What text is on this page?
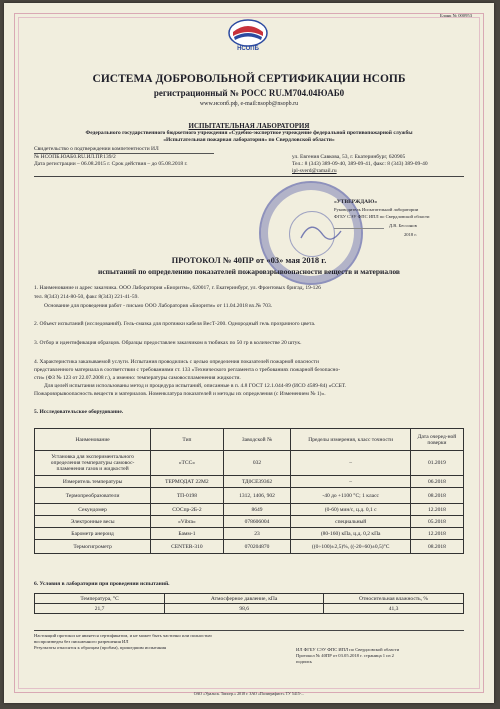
Бланк № 000953
НСОПБ
СИСТЕМА ДОБРОВОЛЬНОЙ СЕРТИФИКАЦИИ НСОПБ
регистрационный № РОСС RU.М704.04ЮАБ0
www.нсопб.рф, e-mail:nsopb@nsopb.ru
ИСПЫТАТЕЛЬНАЯ ЛАБОРАТОРИЯ
Федерального государственного бюджетного учреждения «Судебно-экспертное учреждение федеральной противопожарной службы
«Испытательная пожарная лаборатория» по Свердловской области»
Свидетельство о подтверждении компетентности ИЛ
№ НСОПБ.ЮАБ0.RU.ИЛ.ПР.139/2
Дата регистрации – 06.08.2015 г. Срок действия – до 05.08.2018 г.
ул. Евгения Савкова, 53, г. Екатеринбург, 620905
Тел.: 8 (343) 389-09-40, 389-09-41, факс: 8 (343) 389-09-40
ipl-sverd@ramail.ru
«УТВЕРЖДАЮ»
Руководитель Испытательной лаборатории
ФГБУ СЭУ ФПС ИПЛ по Свердловской области
Д.В. Бессонов
2018 г.
ПРОТОКОЛ № 40ПР от «03» мая 2018 г.
испытаний по определению показателей пожаровзрывоопасности веществ и материалов
1. Наименование и адрес заказчика. ООО Лаборатория «Биоритм», 620017, г. Екатеринбург, ул. Фронтовых бригад, 19-126
тел. 8(343) 214-80-50, факс 8(343) 221-41-59.
Основание для проведения работ - письмо ООО Лаборатория «Биоритм» от 11.04.2018 вх.№ 703.
2. Объект испытаний (исследований). Гель-смазка для протяжки кабеля ВесТ-200. Однородный гель прозрачного цвета.
3. Отбор и идентификация образцов. Образцы предоставлен заказчиком в тюбиках по 50 гр в количестве 20 штук.
4. Характеристика заказываемой услуги. Испытания проводились с целью определения показателей пожарной опасности
представленного материала в соответствии с требованиями ст. 133 «Технического регламента о требованиях пожарной безопасно-
сти» (ФЗ № 123 от 22.07.2008 г.), а именно: температуры самовоспламенения жидкости.
Для целей испытания использованы метод и процедура испытаний, описанные в п. 4.8 ГОСТ 12.1.044-89 (ИСО 4589-84) «ССБТ.
Пожаровзрывоопасность веществ и материалов. Номенклатура показателей и методы их определения (с Изменением № 1)».
5. Исследовательское оборудование.
Наименование	Тип	Заводской №	Пределы измерения, класс точности	Дата очеред-ной поверки
Установка для экспериментального определения температуры самовос-пламенения газов и жидкостей	«ТСС»	032	–	01.2019
Измеритель температуры	ТЕРМОДАТ 22М2	ТД0СЕ39362	–	06.2018
Термопреобразователи	ТП-0198	1312, 1406, 902	-40 до +1100 °С; 1 класс	08.2018
Секундомер	СОСпр-2Б-2	8649	(0-60) мин/с, ц.д. 0,1 с	12.2018
Электронные весы	«Vibra»	078606004	специальный	05.2018
Барометр анероид	Бамм-1	23	(80-160) кПа, ц.д. 0,2 кПа	12.2018
Термогигрометр	CENTER-310	070204870	((0÷100)±2,5)%, ((-20÷60)±0,5)°С	08.2018
6. Условия в лаборатории при проведении испытаний.
Температура, °С	Атмосферное давление, кПа	Относительная влажность, %
21,7	98,6	41,3
Настоящий протокол не является сертификатом, и не может быть частично или полностью
воспроизведен без письменного разрешения ИЛ
Результаты относятся к образцам (пробам), прошедшим испытания	ИЛ ФГБУ СЭУ ФПС ИПЛ по Свердловской области
Протокол № 40ПР от 03.05.2018 г. страница 1 из 2
подпись
ОАО «Уральск. Типогр.» 2018 г. ЗАО «Полиграфист» ТУ 5415-...
